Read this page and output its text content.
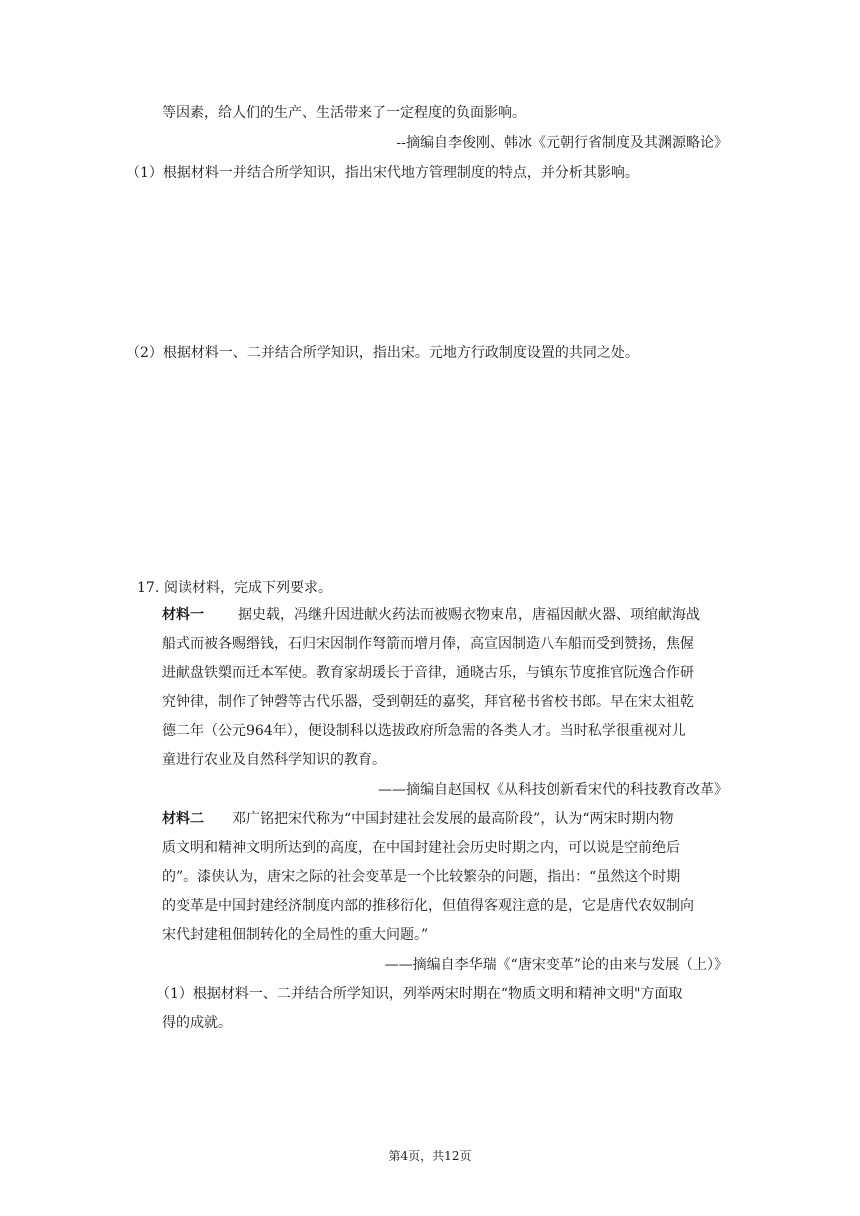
等因素，给人们的生产、生活带来了一定程度的负面影响。
--摘编自李俊刚、韩冰《元朝行省制度及其渊源略论》
（1）根据材料一并结合所学知识，指出宋代地方管理制度的特点，并分析其影响。
（2）根据材料一、二并结合所学知识，指出宋。元地方行政制度设置的共同之处。
17. 阅读材料，完成下列要求。
材料一 据史载，冯继升因进献火药法而被赐衣物束帛，唐福因献火器、项绾献海战
船式而被各赐缗钱，石归宋因制作弩箭而增月俸，高宣因制造八车船而受到赞扬，焦偓
进献盘铁槊而迁本军使。教育家胡瑗长于音律，通晓古乐，与镇东节度推官阮逸合作研
究钟律，制作了钟磬等古代乐器，受到朝廷的嘉奖，拜官秘书省校书郎。早在宋太祖乾
德二年（公元964年），便设制科以选拔政府所急需的各类人才。当时私学很重视对儿
童进行农业及自然科学知识的教育。
——摘编自赵国权《从科技创新看宋代的科技教育改革》
材料二 邓广铭把宋代称为“中国封建社会发展的最高阶段”，认为“两宋时期内物
质文明和精神文明所达到的高度，在中国封建社会历史时期之内，可以说是空前绝后
的”。漆侠认为，唐宋之际的社会变革是一个比较繁杂的问题，指出：“虽然这个时期
的变革是中国封建经济制度内部的推移衍化，但值得客观注意的是，它是唐代农奴制向
宋代封建租佃制转化的全局性的重大问题。”
——摘编自李华瑞《“唐宋变革”论的由来与发展（上）》
（1）根据材料一、二并结合所学知识，列举两宋时期在“物质文明和精神文明"方面取
得的成就。
第4页，共12页
